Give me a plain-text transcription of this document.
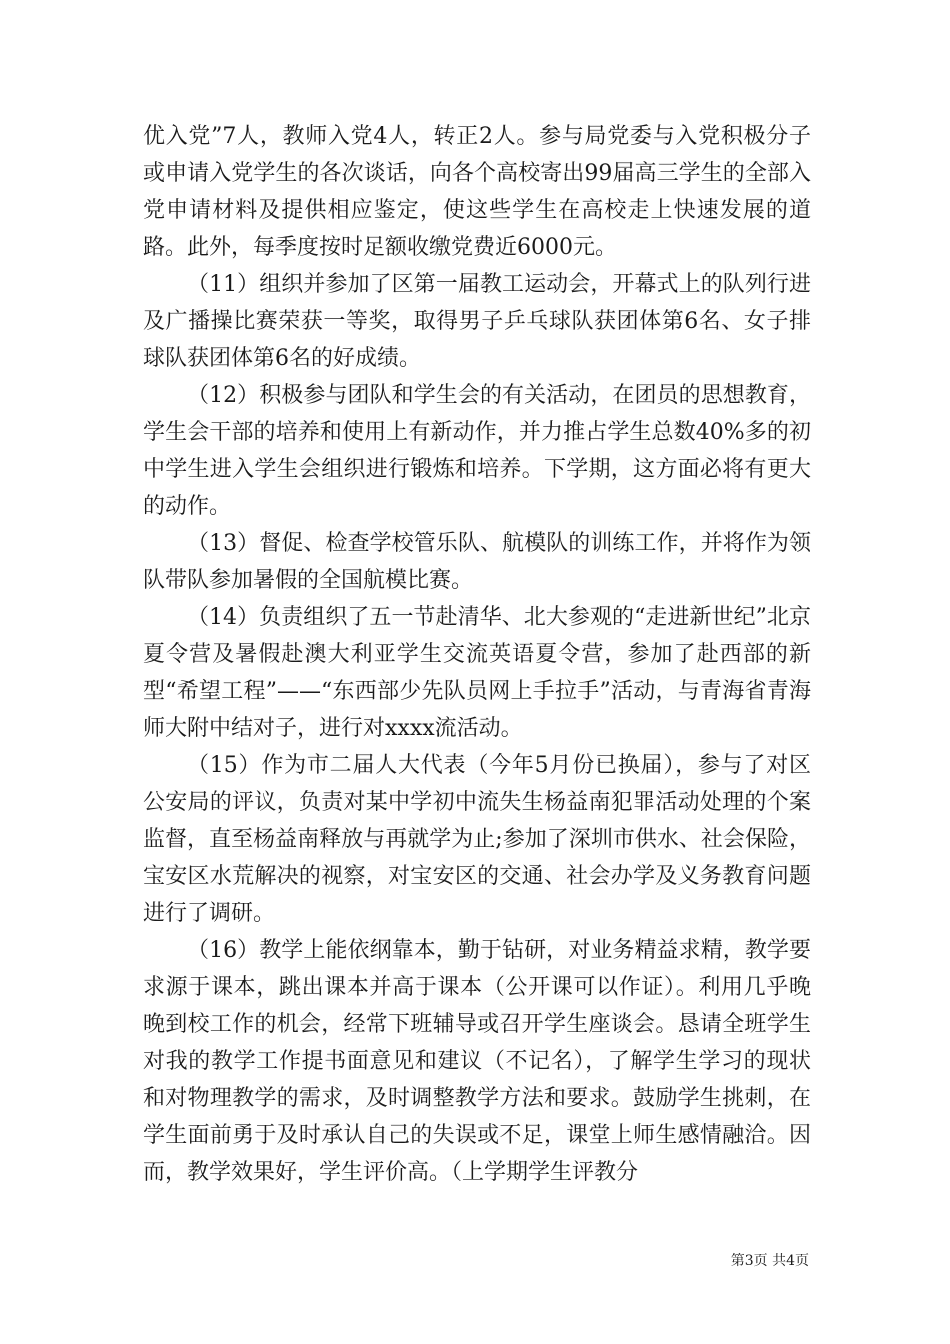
优入党”7人，教师入党4人，转正2人。参与局党委与入党积极分子或申请入党学生的各次谈话，向各个高校寄出99届高三学生的全部入党申请材料及提供相应鉴定，使这些学生在高校走上快速发展的道路。此外，每季度按时足额收缴党费近6000元。

（11）组织并参加了区第一届教工运动会，开幕式上的队列行进及广播操比赛荣获一等奖，取得男子乒乓球队获团体第6名、女子排球队获团体第6名的好成绩。

（12）积极参与团队和学生会的有关活动，在团员的思想教育，学生会干部的培养和使用上有新动作，并力推占学生总数40%多的初中学生进入学生会组织进行锻炼和培养。下学期，这方面必将有更大的动作。

（13）督促、检查学校管乐队、航模队的训练工作，并将作为领队带队参加暑假的全国航模比赛。

（14）负责组织了五一节赴清华、北大参观的“走进新世纪”北京夏令营及暑假赴澳大利亚学生交流英语夏令营，参加了赴西部的新型“希望工程”——“东西部少先队员网上手拉手”活动，与青海省青海师大附中结对子，进行对xxxx流活动。

（15）作为市二届人大代表（今年5月份已换届），参与了对区公安局的评议，负责对某中学初中流失生杨益南犯罪活动处理的个案监督，直至杨益南释放与再就学为止;参加了深圳市供水、社会保险，宝安区水荒解决的视察，对宝安区的交通、社会办学及义务教育问题进行了调研。

（16）教学上能依纲靠本，勤于钻研，对业务精益求精，教学要求源于课本，跳出课本并高于课本（公开课可以作证）。利用几乎晚晚到校工作的机会，经常下班辅导或召开学生座谈会。恳请全班学生对我的教学工作提书面意见和建议（不记名），了解学生学习的现状和对物理教学的需求，及时调整教学方法和要求。鼓励学生挑刺，在学生面前勇于及时承认自己的失误或不足，课堂上师生感情融洽。因而，教学效果好，学生评价高。（上学期学生评教分

第3页 共4页
